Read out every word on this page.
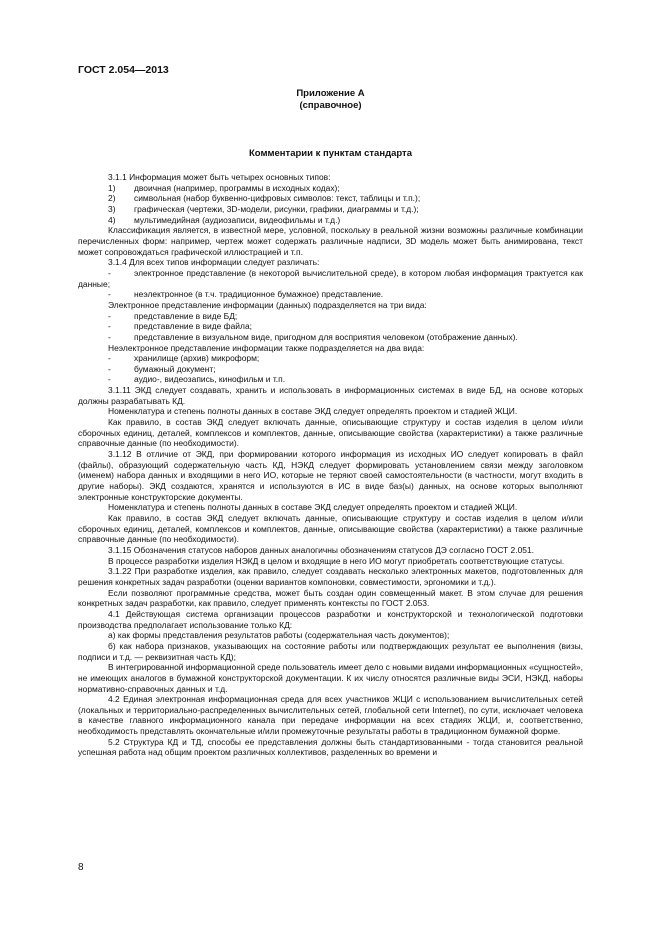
ГОСТ 2.054—2013
Приложение А
(справочное)
Комментарии к пунктам стандарта

3.1.1 Информация может быть четырех основных типов:

1)	двоичная (например, программы в исходных кодах);

2)	символьная (набор буквенно-цифровых символов: текст, таблицы и т.п.);

3)	графическая (чертежи, 3D-модели, рисунки, графики, диаграммы и т.д.);

4)	мультимедийная (аудиозаписи, видеофильмы и т.д.)

Классификация является, в известной мере, условной, поскольку в реальной жизни возможны различные комбинации перечисленных форм: например, чертеж может содержать различные надписи, 3D модель может быть анимирована, текст может сопровождаться графической иллюстрацией и т.п.

3.1.4 Для всех типов информации следует различать:

-	электронное представление (в некоторой вычислительной среде), в котором любая информация трактуется как данные;

-	неэлектронное (в т.ч. традиционное бумажное) представление.

Электронное представление информации (данных) подразделяется на три вида:

-	представление в виде БД;

-	представление в виде файла;

-	представление в визуальном виде, пригодном для восприятия человеком (отображение данных).

Неэлектронное представление информации также подразделяется на два вида:

-	хранилище (архив) микроформ;

-	бумажный документ;

-	аудио-, видеозапись, кинофильм и т.п.

3.1.11 ЭКД следует создавать, хранить и использовать в информационных системах в виде БД, на основе которых должны разрабатывать КД.

Номенклатура и степень полноты данных в составе ЭКД следует определять проектом и стадией ЖЦИ.

Как правило, в состав ЭКД следует включать данные, описывающие структуру и состав изделия в целом и/или сборочных единиц, деталей, комплексов и комплектов, данные, описывающие свойства (характеристики) а также различные справочные данные (по необходимости).

3.1.12 В отличие от ЭКД, при формировании которого информация из исходных ИО следует копировать в файл (файлы), образующий содержательную часть КД, НЭКД следует формировать установлением связи между заголовком (именем) набора данных и входящими в него ИО, которые не теряют своей самостоятельности (в частности, могут входить в другие наборы). ЭКД создаются, хранятся и используются в ИС в виде баз(ы) данных, на основе которых выполняют электронные конструкторские документы.

Номенклатура и степень полноты данных в составе ЭКД следует определять проектом и стадией ЖЦИ.

Как правило, в состав ЭКД следует включать данные, описывающие структуру и состав изделия в целом и/или сборочных единиц, деталей, комплексов и комплектов, данные, описывающие свойства (характеристики) а также различные справочные данные (по необходимости).

3.1.15 Обозначения статусов наборов данных аналогичны обозначениям статусов ДЭ согласно ГОСТ 2.051.

В процессе разработки изделия НЭКД в целом и входящие в него ИО могут приобретать соответствующие статусы.

3.1.22 При разработке изделия, как правило, следует создавать несколько электронных макетов, подготовленных для решения конкретных задач разработки (оценки вариантов компоновки, совместимости, эргономики и т.д.).

Если позволяют программные средства, может быть создан один совмещенный макет. В этом случае для решения конкретных задач разработки, как правило, следует применять контексты по ГОСТ 2.053.

4.1 Действующая система организации процессов разработки и конструкторской и технологической подготовки производства предполагает использование только КД:

а) как формы представления результатов работы (содержательная часть документов);

б) как набора признаков, указывающих на состояние работы или подтверждающих результат ее выполнения (визы, подписи и т.д. — реквизитная часть КД);

В интегрированной информационной среде пользователь имеет дело с новыми видами информационных «сущностей», не имеющих аналогов в бумажной конструкторской документации. К их числу относятся различные виды ЭСИ, НЭКД, наборы нормативно-справочных данных и т.д.

4.2 Единая электронная информационная среда для всех участников ЖЦИ с использованием вычислительных сетей (локальных и территориально-распределенных вычислительных сетей, глобальной сети Internet), по сути, исключает человека в качестве главного информационного канала при передаче информации на всех стадиях ЖЦИ, и, соответственно, необходимость представлять окончательные и/или промежуточные результаты работы в традиционном бумажной форме.

5.2 Структура КД и ТД, способы ее представления должны быть стандартизованными - тогда становится реальной успешная работа над общим проектом различных коллективов, разделенных во времени и

8
